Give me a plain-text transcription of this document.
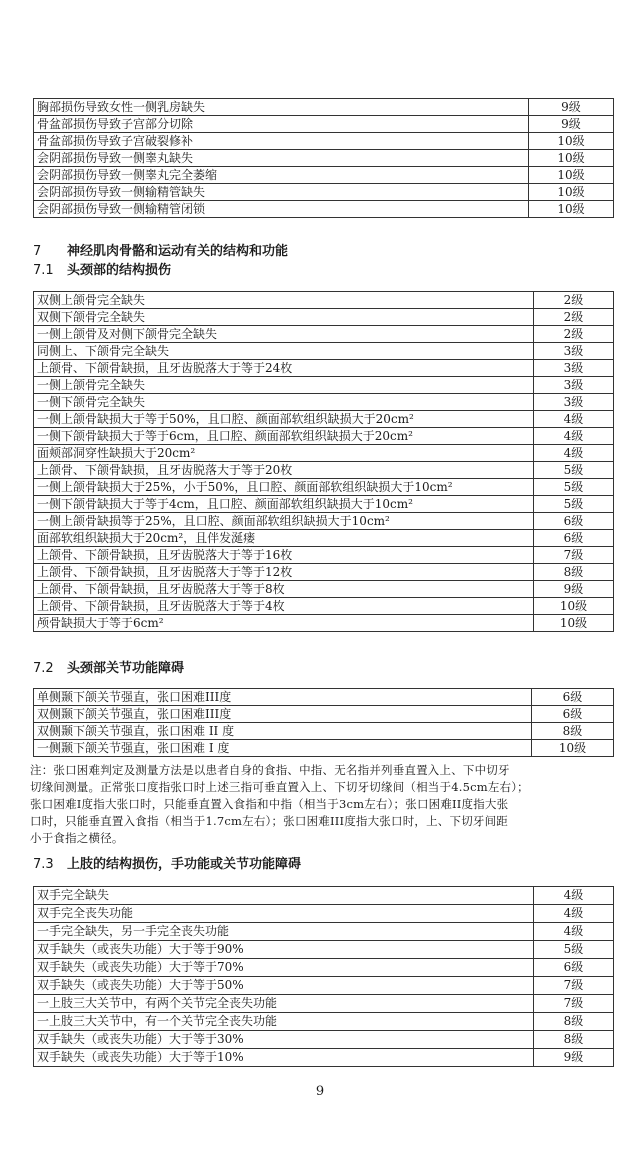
胸部损伤导致女性一侧乳房缺失	9级
骨盆部损伤导致子宫部分切除	9级
骨盆部损伤导致子宫破裂修补	10级
会阴部损伤导致一侧睾丸缺失	10级
会阴部损伤导致一侧睾丸完全萎缩	10级
会阴部损伤导致一侧输精管缺失	10级
会阴部损伤导致一侧输精管闭锁	10级
7 神经肌肉骨骼和运动有关的结构和功能
7.1 头颈部的结构损伤
双侧上颌骨完全缺失	2级
双侧下颌骨完全缺失	2级
一侧上颌骨及对侧下颌骨完全缺失	2级
同侧上、下颌骨完全缺失	3级
上颌骨、下颌骨缺损，且牙齿脱落大于等于24枚	3级
一侧上颌骨完全缺失	3级
一侧下颌骨完全缺失	3级
一侧上颌骨缺损大于等于50%，且口腔、颜面部软组织缺损大于20cm²	4级
一侧下颌骨缺损大于等于6cm，且口腔、颜面部软组织缺损大于20cm²	4级
面颊部洞穿性缺损大于20cm²	4级
上颌骨、下颌骨缺损，且牙齿脱落大于等于20枚	5级
一侧上颌骨缺损大于25%，小于50%，且口腔、颜面部软组织缺损大于10cm²	5级
一侧下颌骨缺损大于等于4cm，且口腔、颜面部软组织缺损大于10cm²	5级
一侧上颌骨缺损等于25%，且口腔、颜面部软组织缺损大于10cm²	6级
面部软组织缺损大于20cm²，且伴发涎瘘	6级
上颌骨、下颌骨缺损，且牙齿脱落大于等于16枚	7级
上颌骨、下颌骨缺损，且牙齿脱落大于等于12枚	8级
上颌骨、下颌骨缺损，且牙齿脱落大于等于8枚	9级
上颌骨、下颌骨缺损，且牙齿脱落大于等于4枚	10级
颅骨缺损大于等于6cm²	10级
7.2 头颈部关节功能障碍
单侧颞下颌关节强直，张口困难III度	6级
双侧颞下颌关节强直，张口困难III度	6级
双侧颞下颌关节强直，张口困难 II 度	8级
一侧颞下颌关节强直，张口困难 I 度	10级
注：张口困难判定及测量方法是以患者自身的食指、中指、无名指并列垂直置入上、下中切牙
切缘间测量。正常张口度指张口时上述三指可垂直置入上、下切牙切缘间（相当于4.5cm左右）；
张口困难I度指大张口时，只能垂直置入食指和中指（相当于3cm左右）；张口困难II度指大张
口时，只能垂直置入食指（相当于1.7cm左右）；张口困难III度指大张口时，上、下切牙间距
小于食指之横径。
7.3 上肢的结构损伤，手功能或关节功能障碍
双手完全缺失	4级
双手完全丧失功能	4级
一手完全缺失，另一手完全丧失功能	4级
双手缺失（或丧失功能）大于等于90%	5级
双手缺失（或丧失功能）大于等于70%	6级
双手缺失（或丧失功能）大于等于50%	7级
一上肢三大关节中，有两个关节完全丧失功能	7级
一上肢三大关节中，有一个关节完全丧失功能	8级
双手缺失（或丧失功能）大于等于30%	8级
双手缺失（或丧失功能）大于等于10%	9级
9
